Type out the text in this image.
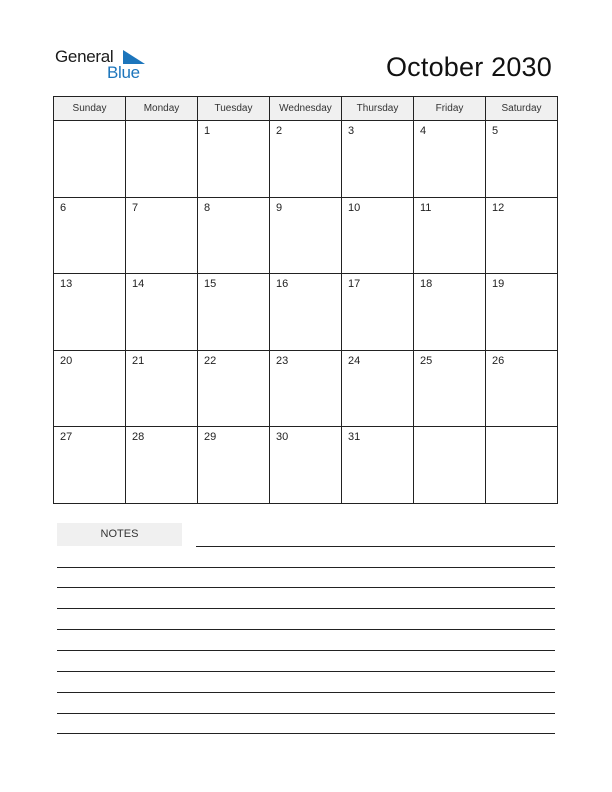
General
Blue	October 2030
Sunday	Monday	Tuesday	Wednesday	Thursday	Friday	Saturday
		1	2	3	4	5
6	7	8	9	10	11	12
13	14	15	16	17	18	19
20	21	22	23	24	25	26
27	28	29	30	31		
NOTES
